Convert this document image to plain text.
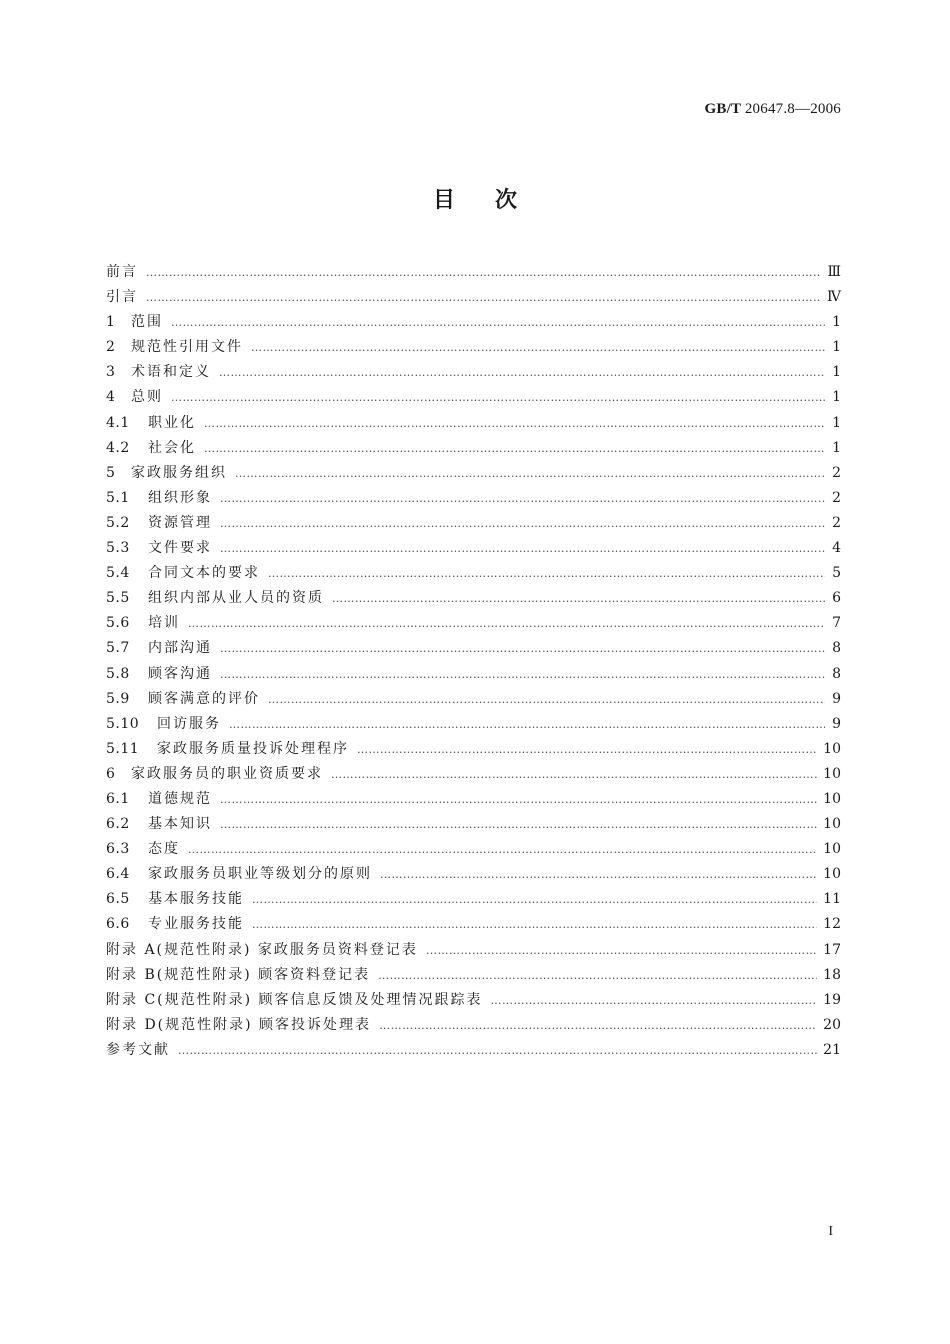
GB/T 20647.8—2006
目次
前言 ……………………………………………………………………………………………………………………………………………………………………………………………………………………	Ⅲ
引言 ……………………………………………………………………………………………………………………………………………………………………………………………………………………	Ⅳ
1	范围 ……………………………………………………………………………………………………………………………………………………………………………………………………………………	1
2	规范性引用文件 ……………………………………………………………………………………………………………………………………………………………………………………………………………………	1
3	术语和定义 ……………………………………………………………………………………………………………………………………………………………………………………………………………………	1
4	总则 ……………………………………………………………………………………………………………………………………………………………………………………………………………………	1
4.1	职业化 ……………………………………………………………………………………………………………………………………………………………………………………………………………………	1
4.2	社会化 ……………………………………………………………………………………………………………………………………………………………………………………………………………………	1
5	家政服务组织 ……………………………………………………………………………………………………………………………………………………………………………………………………………………	2
5.1	组织形象 ……………………………………………………………………………………………………………………………………………………………………………………………………………………	2
5.2	资源管理 ……………………………………………………………………………………………………………………………………………………………………………………………………………………	2
5.3	文件要求 ……………………………………………………………………………………………………………………………………………………………………………………………………………………	4
5.4	合同文本的要求 ……………………………………………………………………………………………………………………………………………………………………………………………………………………	5
5.5	组织内部从业人员的资质 ……………………………………………………………………………………………………………………………………………………………………………………………………………………	6
5.6	培训 ……………………………………………………………………………………………………………………………………………………………………………………………………………………	7
5.7	内部沟通 ……………………………………………………………………………………………………………………………………………………………………………………………………………………	8
5.8	顾客沟通 ……………………………………………………………………………………………………………………………………………………………………………………………………………………	8
5.9	顾客满意的评价 ……………………………………………………………………………………………………………………………………………………………………………………………………………………	9
5.10	回访服务 ……………………………………………………………………………………………………………………………………………………………………………………………………………………	9
5.11	家政服务质量投诉处理程序 ……………………………………………………………………………………………………………………………………………………………………………………………………………………	10
6	家政服务员的职业资质要求 ……………………………………………………………………………………………………………………………………………………………………………………………………………………	10
6.1	道德规范 ……………………………………………………………………………………………………………………………………………………………………………………………………………………	10
6.2	基本知识 ……………………………………………………………………………………………………………………………………………………………………………………………………………………	10
6.3	态度 ……………………………………………………………………………………………………………………………………………………………………………………………………………………	10
6.4	家政服务员职业等级划分的原则 ……………………………………………………………………………………………………………………………………………………………………………………………………………………	10
6.5	基本服务技能 ……………………………………………………………………………………………………………………………………………………………………………………………………………………	11
6.6	专业服务技能 ……………………………………………………………………………………………………………………………………………………………………………………………………………………	12
附录 A(规范性附录) 家政服务员资料登记表 ……………………………………………………………………………………………………………………………………………………………………………………………………………………	17
附录 B(规范性附录) 顾客资料登记表 ……………………………………………………………………………………………………………………………………………………………………………………………………………………	18
附录 C(规范性附录) 顾客信息反馈及处理情况跟踪表 ……………………………………………………………………………………………………………………………………………………………………………………………………………………	19
附录 D(规范性附录) 顾客投诉处理表 ……………………………………………………………………………………………………………………………………………………………………………………………………………………	20
参考文献 ……………………………………………………………………………………………………………………………………………………………………………………………………………………	21
I
